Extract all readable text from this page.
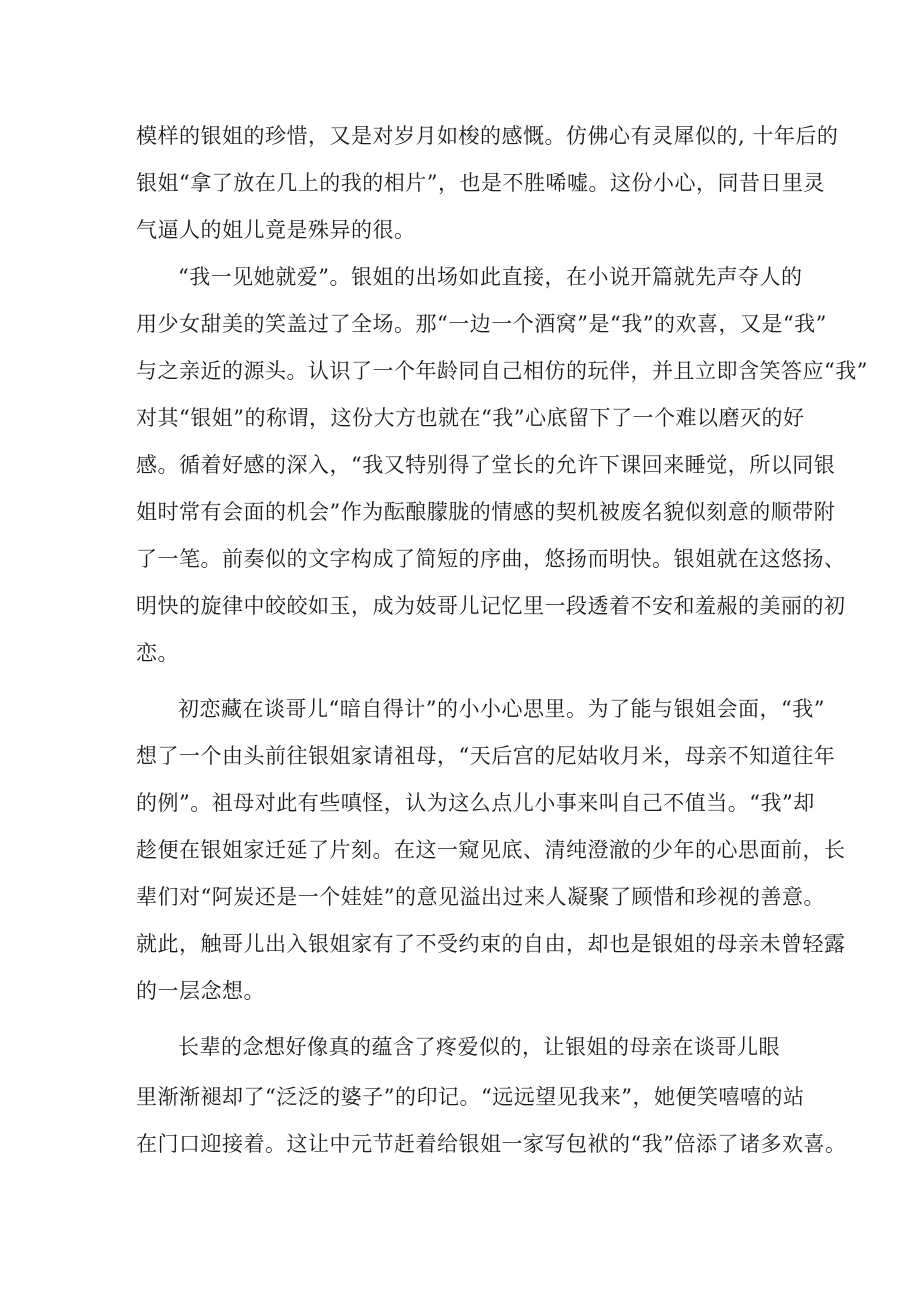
模样的银姐的珍惜，又是对岁月如梭的感慨。仿佛心有灵犀似的, 十年后的
银姐“拿了放在几上的我的相片”，也是不胜唏嘘。这份小心，同昔日里灵
气逼人的姐儿竟是殊异的很。
“我一见她就爱”。银姐的出场如此直接，在小说开篇就先声夺人的
用少女甜美的笑盖过了全场。那“一边一个酒窝”是“我”的欢喜，又是“我”
与之亲近的源头。认识了一个年龄同自己相仿的玩伴，并且立即含笑答应“我”
对其“银姐”的称谓，这份大方也就在“我”心底留下了一个难以磨灭的好
感。循着好感的深入，“我又特别得了堂长的允许下课回来睡觉，所以同银
姐时常有会面的机会”作为酝酿朦胧的情感的契机被废名貌似刻意的顺带附
了一笔。前奏似的文字构成了简短的序曲，悠扬而明快。银姐就在这悠扬、
明快的旋律中皎皎如玉，成为妓哥儿记忆里一段透着不安和羞赧的美丽的初
恋。
初恋藏在谈哥儿“暗自得计”的小小心思里。为了能与银姐会面，“我”
想了一个由头前往银姐家请祖母，“天后宫的尼姑收月米，母亲不知道往年
的例”。祖母对此有些嗔怪，认为这么点儿小事来叫自己不值当。“我”却
趁便在银姐家迁延了片刻。在这一窥见底、清纯澄澈的少年的心思面前，长
辈们对“阿炭还是一个娃娃”的意见溢出过来人凝聚了顾惜和珍视的善意。
就此，触哥儿出入银姐家有了不受约束的自由，却也是银姐的母亲未曾轻露
的一层念想。
长辈的念想好像真的蕴含了疼爱似的，让银姐的母亲在谈哥儿眼
里渐渐褪却了“泛泛的婆子”的印记。“远远望见我来”，她便笑嘻嘻的站
在门口迎接着。这让中元节赶着给银姐一家写包袱的“我”倍添了诸多欢喜。
